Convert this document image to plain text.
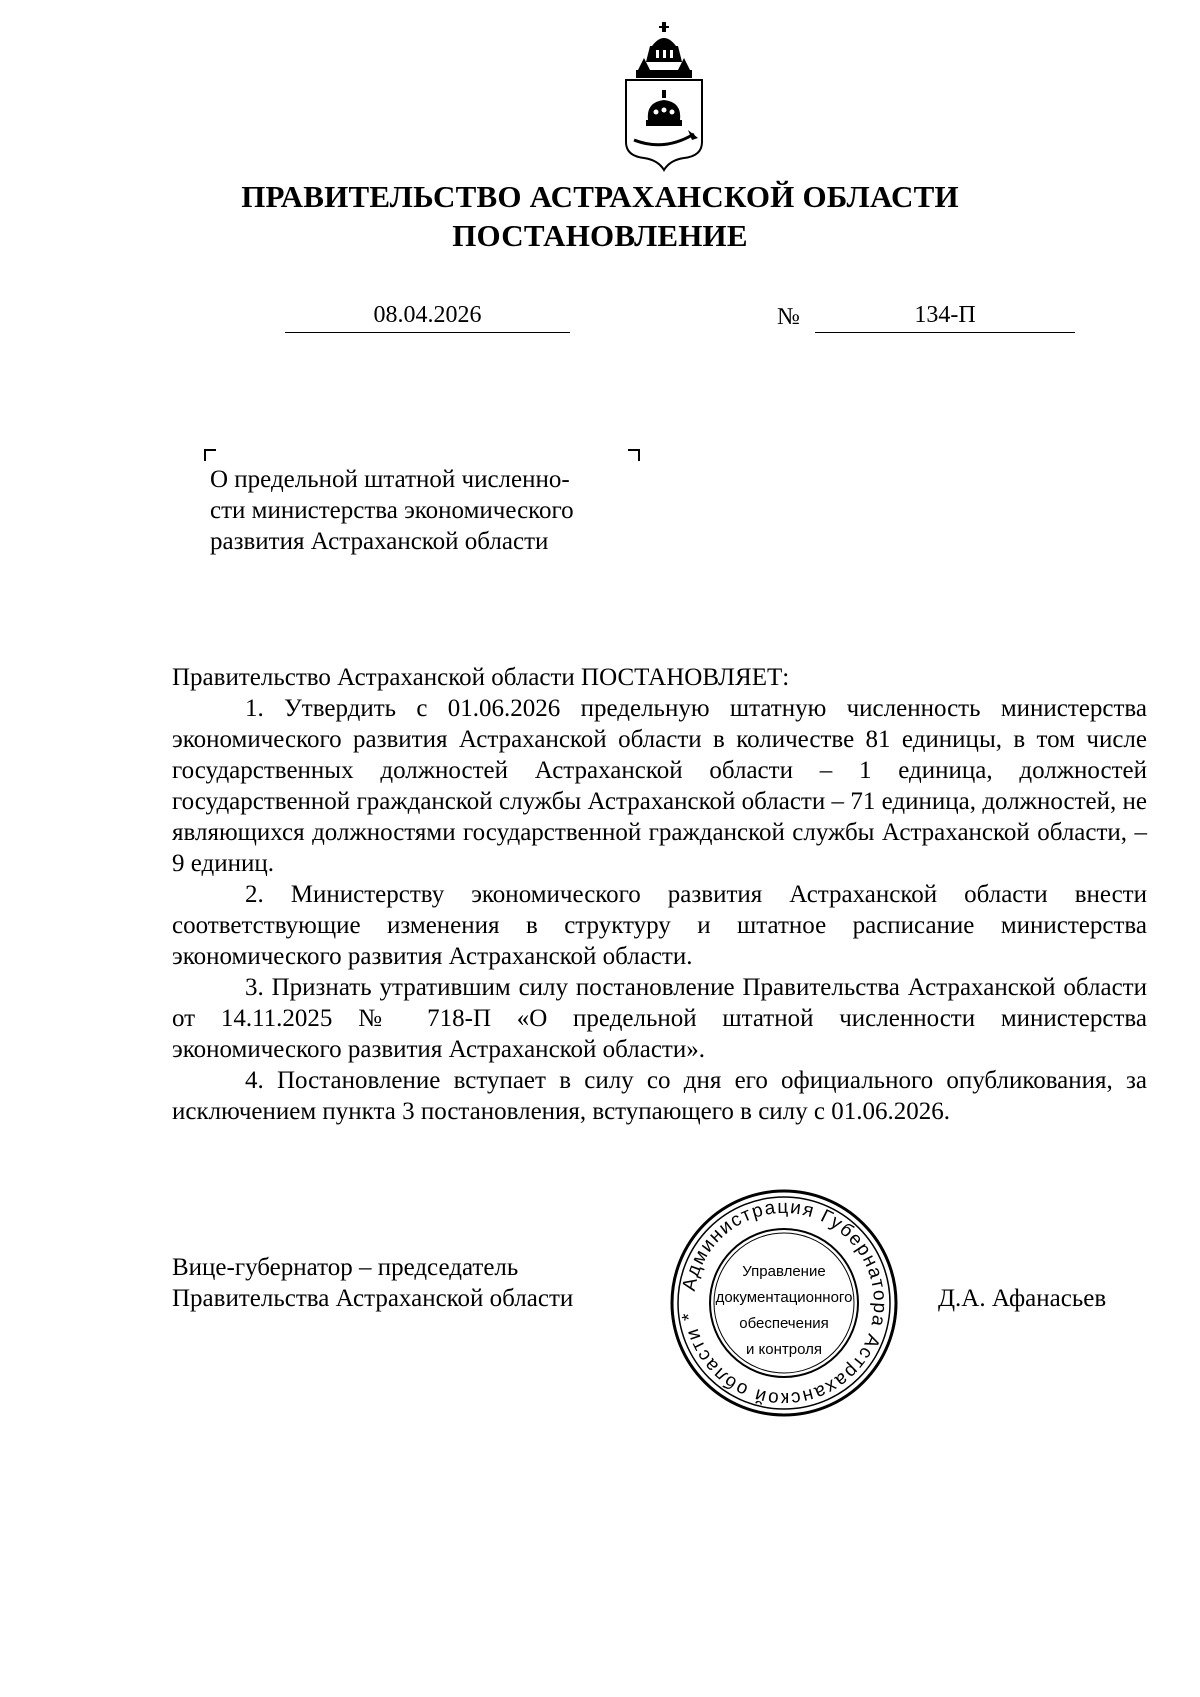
ПРАВИТЕЛЬСТВО АСТРАХАНСКОЙ ОБЛАСТИ
ПОСТАНОВЛЕНИЕ
08.04.2026	№	134-П
О предельной штатной численно-
сти министерства экономического
развития Астраханской области

Правительство Астраханской области ПОСТАНОВЛЯЕТ:

1. Утвердить с 01.06.2026 предельную штатную численность министерства экономического развития Астраханской области в количестве 81 единицы, в том числе государственных должностей Астраханской области – 1 единица, должностей государственной гражданской службы Астраханской области – 71 единица, должностей, не являющихся должностями государственной гражданской службы Астраханской области, – 9 единиц.

2. Министерству экономического развития Астраханской области внести соответствующие изменения в структуру и штатное расписание министерства экономического развития Астраханской области.

3. Признать утратившим силу постановление Правительства Астраханской области от 14.11.2025 № 718-П «О предельной штатной численности министерства экономического развития Астраханской области».

4. Постановление вступает в силу со дня его официального опубликования, за исключением пункта 3 постановления, вступающего в силу с 01.06.2026.

Вице-губернатор – председатель
Правительства Астраханской области
Администрация Губернатора Астраханской области *
Управление
документационного
обеспечения
и контроля
Д.А. Афанасьев
